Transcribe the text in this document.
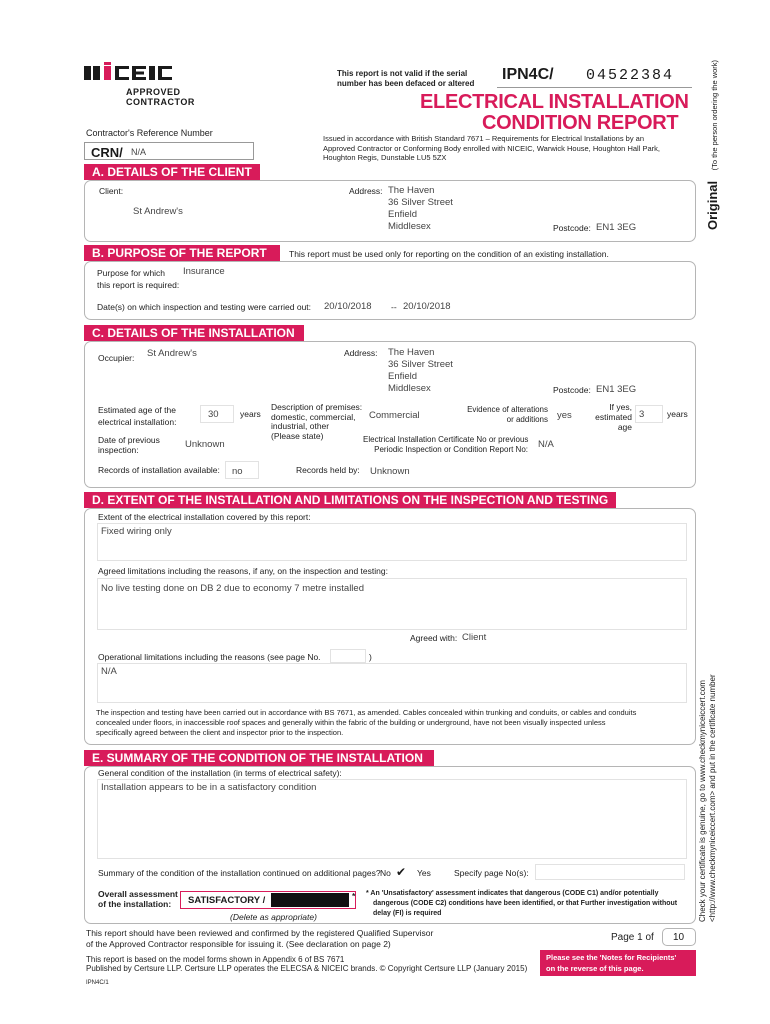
APPROVED
CONTRACTOR
This report is not valid if the serial
number has been defaced or altered
IPN4C/ 04522384
ELECTRICAL INSTALLATION
CONDITION REPORT
Contractor's Reference Number
CRN/ N/A
Issued in accordance with British Standard 7671 – Requirements for Electrical Installations by an
Approved Contractor or Conforming Body enrolled with NICEIC, Warwick House, Houghton Hall Park,
Houghton Regis, Dunstable LU5 5ZX
Original (To the person ordering the work)
A. DETAILS OF THE CLIENT
Client:
St Andrew's
Address: The Haven
36 Silver Street
Enfield
Middlesex	Postcode: EN1 3EG
B. PURPOSE OF THE REPORT	This report must be used only for reporting on the condition of an existing installation.
Purpose for which
this report is required:
Insurance
Date(s) on which inspection and testing were carried out: 20/10/2018 -- 20/10/2018
C. DETAILS OF THE INSTALLATION
Occupier: St Andrew's	Address: The Haven
36 Silver Street
Enfield
Middlesex	Postcode: EN1 3EG
Estimated age of the
electrical installation:
30	years
Description of premises:
domestic, commercial,
industrial, other
(Please state)
Commercial
Evidence of alterations
or additions yes
If yes,
estimated
age
3	years
Date of previous
inspection:	Unknown	Electrical Installation Certificate No or previous
Periodic Inspection or Condition Report No: N/A
Records of installation available: no	Records held by: Unknown
D. EXTENT OF THE INSTALLATION AND LIMITATIONS ON THE INSPECTION AND TESTING
Extent of the electrical installation covered by this report:
Fixed wiring only
Agreed limitations including the reasons, if any, on the inspection and testing:
No live testing done on DB 2 due to economy 7 metre installed
Agreed with: Client
Operational limitations including the reasons (see page No.	)
N/A
The inspection and testing have been carried out in accordance with BS 7671, as amended. Cables concealed within trunking and conduits, or cables and conduits
concealed under floors, in inaccessible roof spaces and generally within the fabric of the building or underground, have not been visually inspected unless
specifically agreed between the client and inspector prior to the inspection.
E. SUMMARY OF THE CONDITION OF THE INSTALLATION
General condition of the installation (in terms of electrical safety):
Installation appears to be in a satisfactory condition
Summary of the condition of the installation continued on additional pages? No ✔ Yes	Specify page No(s):
Overall assessment
of the installation:	SATISFACTORY /	*
(Delete as appropriate)
* An 'Unsatisfactory' assessment indicates that dangerous (CODE C1) and/or potentially
dangerous (CODE C2) conditions have been identified, or that Further investigation without
delay (FI) is required
This report should have been reviewed and confirmed by the registered Qualified Supervisor
of the Approved Contractor responsible for issuing it. (See declaration on page 2)
Page 1 of 10
This report is based on the model forms shown in Appendix 6 of BS 7671
Published by Certsure LLP. Certsure LLP operates the ELECSA & NICEIC brands. © Copyright Certsure LLP (January 2015)
Please see the 'Notes for Recipients'
on the reverse of this page.
IPN4C/1
Check your certificate is genuine, go to www.checkmyniceiccert.com <http://www.checkmyniceiccert.com> and put in the certificate number
